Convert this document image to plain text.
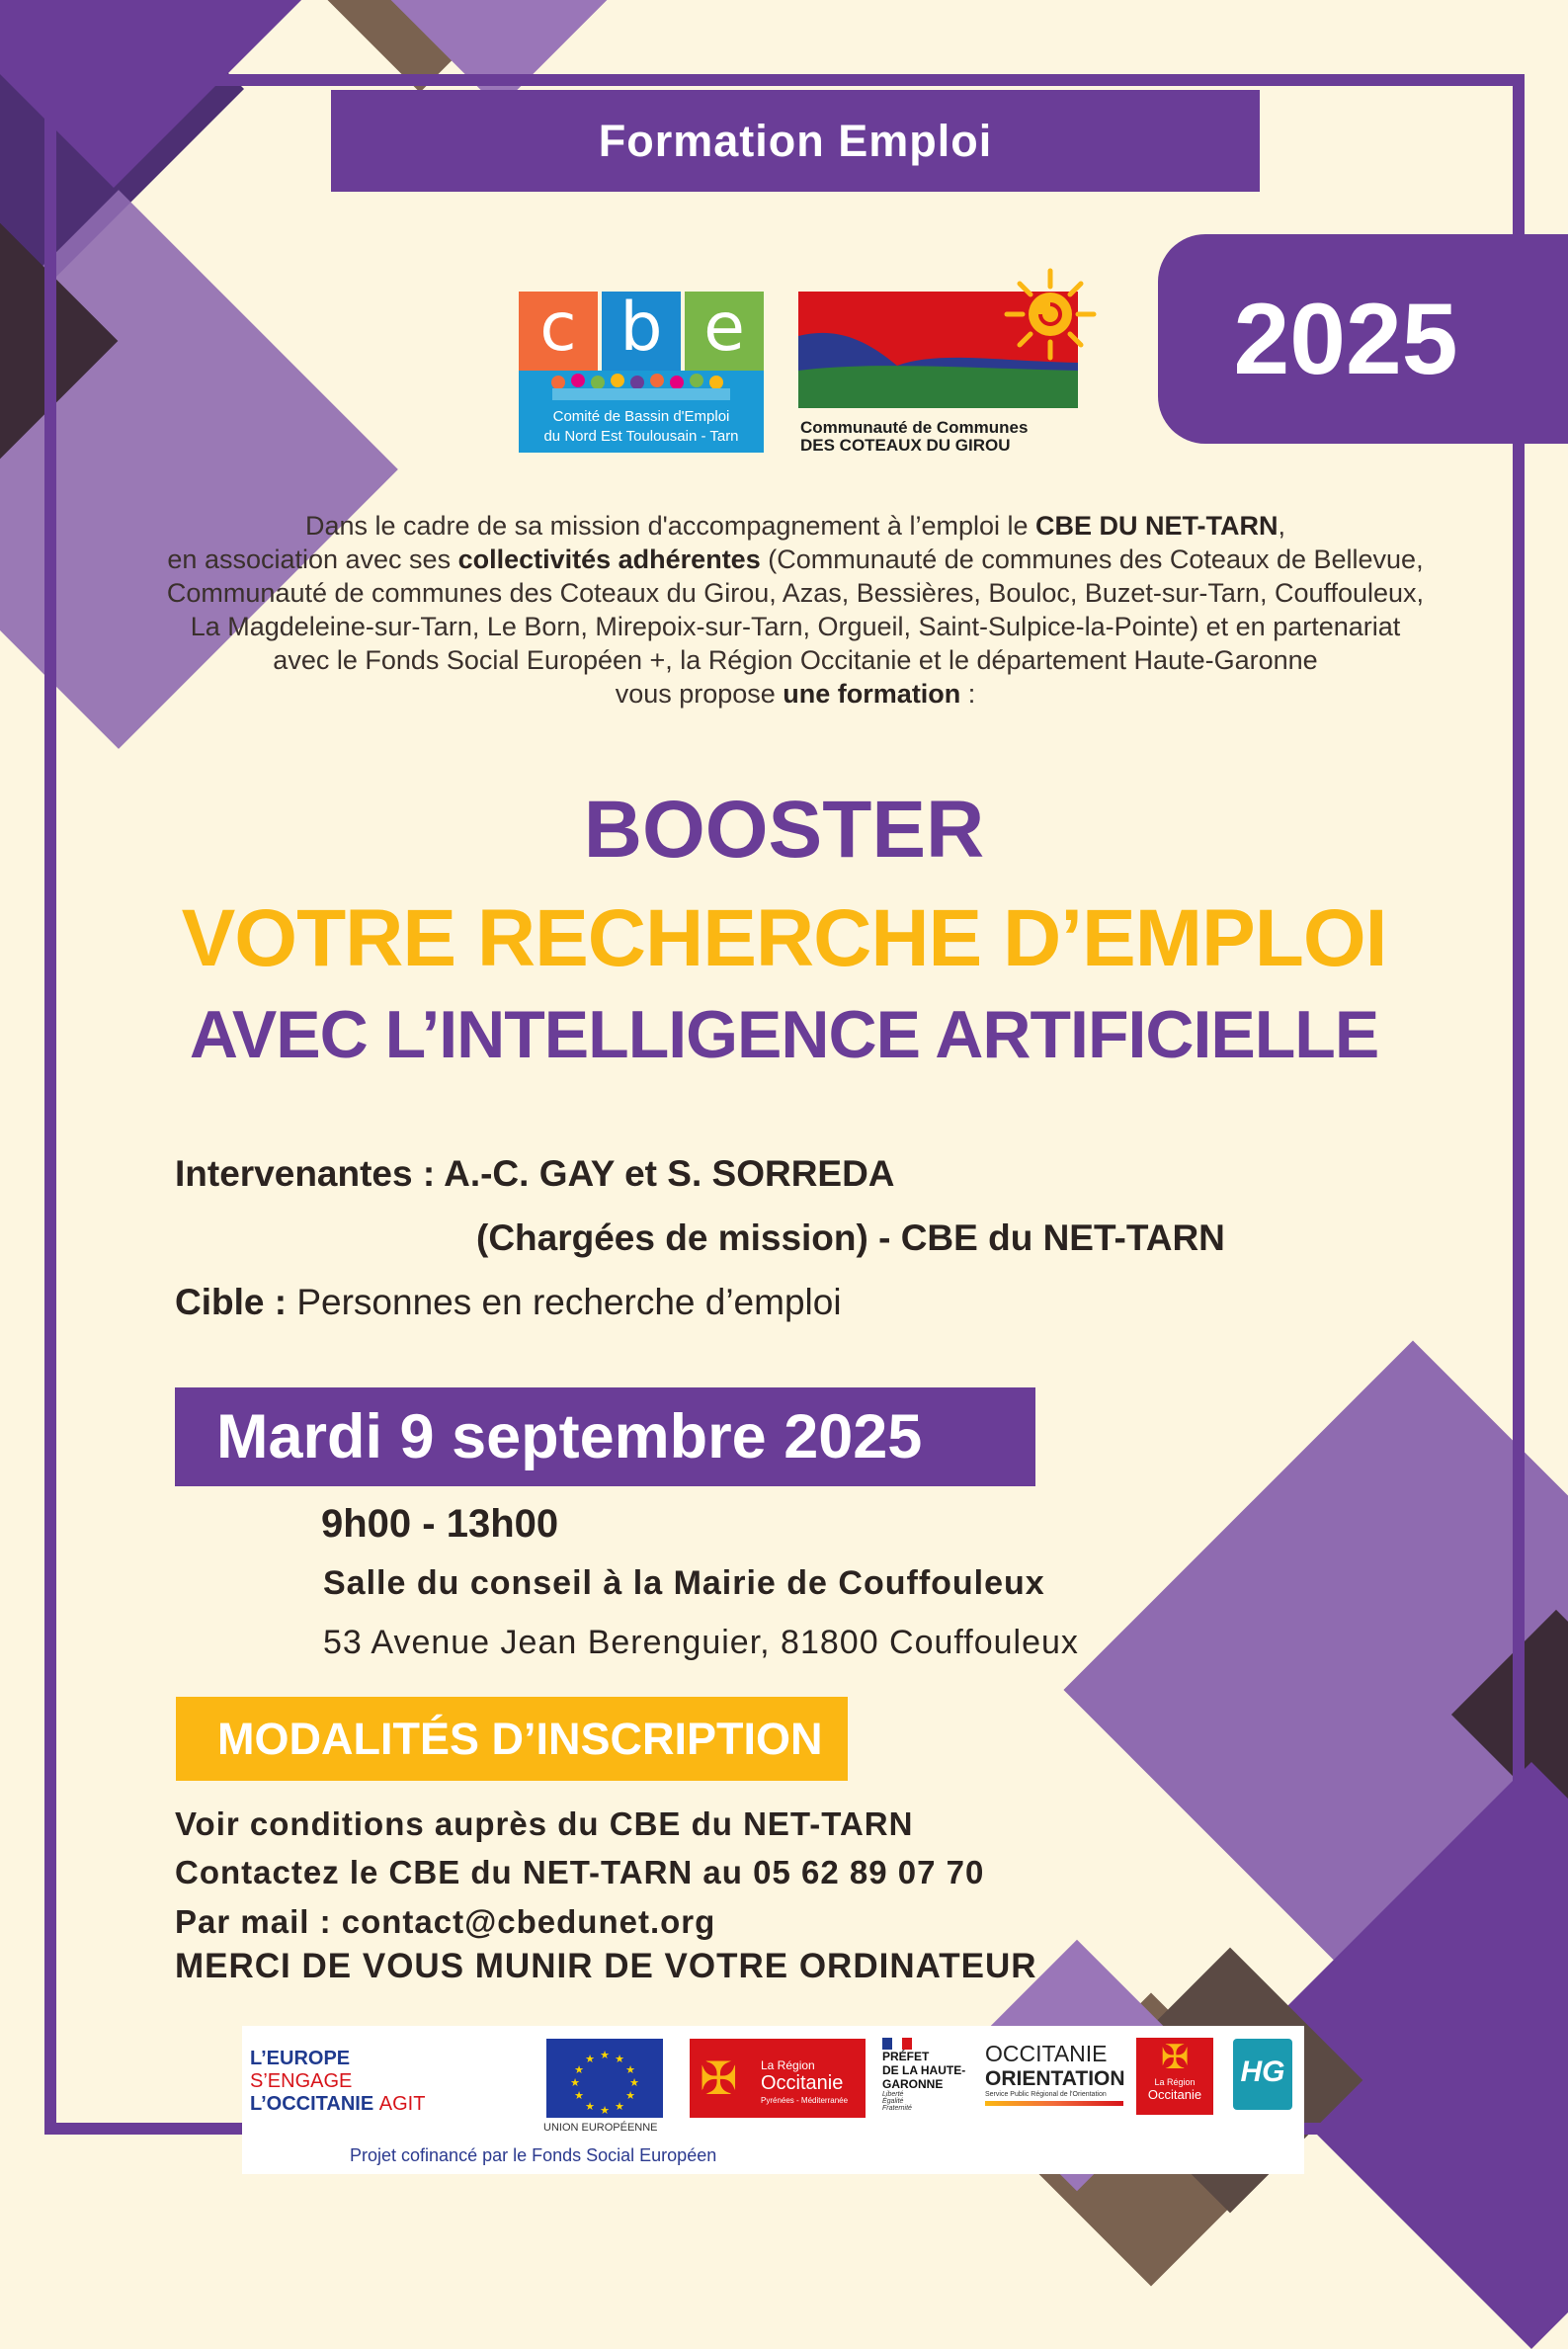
Formation Emploi
2025
c b e
Comité de Bassin d'Emploi
du Nord Est Toulousain - Tarn	Communauté de Communes
DES COTEAUX DU GIROU
Dans le cadre de sa mission d'accompagnement à l’emploi le CBE DU NET-TARN,
en association avec ses collectivités adhérentes (Communauté de communes des Coteaux de Bellevue,
Communauté de communes des Coteaux du Girou, Azas, Bessières, Bouloc, Buzet-sur-Tarn, Couffouleux,
La Magdeleine-sur-Tarn, Le Born, Mirepoix-sur-Tarn, Orgueil, Saint-Sulpice-la-Pointe) et en partenariat
avec le Fonds Social Européen +, la Région Occitanie et le département Haute-Garonne
vous propose une formation :
BOOSTER
VOTRE RECHERCHE D’EMPLOI
AVEC L’INTELLIGENCE ARTIFICIELLE
Intervenantes : A.-C. GAY et S. SORREDA
(Chargées de mission) - CBE du NET-TARN
Cible : Personnes en recherche d’emploi
Mardi 9 septembre 2025
9h00 - 13h00
Salle du conseil à la Mairie de Couffouleux
53 Avenue Jean Berenguier, 81800 Couffouleux
MODALITÉS D’INSCRIPTION
Voir conditions auprès du CBE du NET-TARN
Contactez le CBE du NET-TARN au 05 62 89 07 70
Par mail : contact@cbedunet.org
MERCI DE VOUS MUNIR DE VOTRE ORDINATEUR
L’EUROPE S’ENGAGE
L’OCCITANIE AGIT
★ ★
★
★
★
★
★
★
★
★
★
★
UNION EUROPÉENNE
✠ La Région
Occitanie
Pyrénées - Méditerranée
PRÉFET
DE LA HAUTE-
GARONNE
Liberté Égalité Fraternité
OCCITANIE
ORIENTATION
Service Public Régional de l'Orientation
✠
La Région
Occitanie
HG
Projet cofinancé par le Fonds Social Européen
